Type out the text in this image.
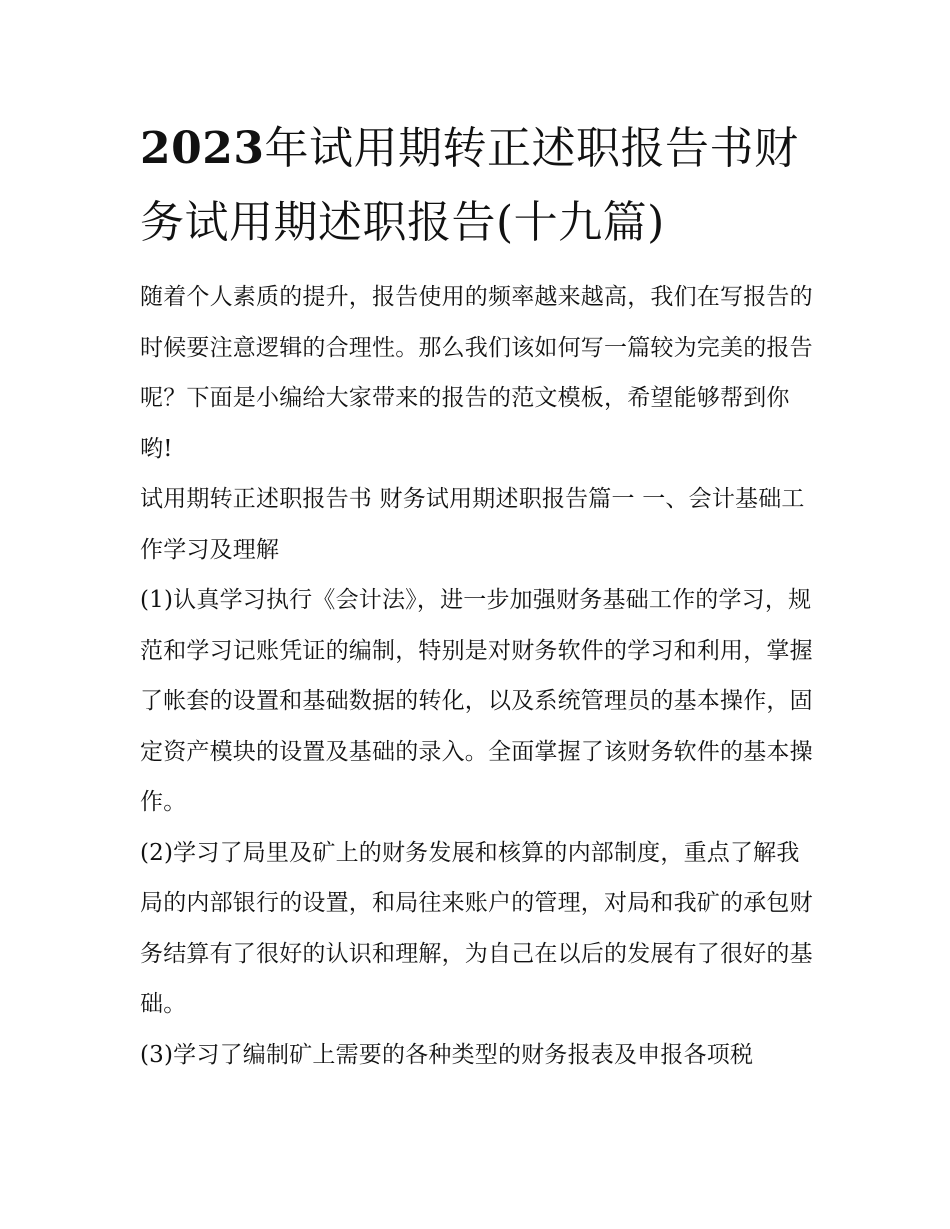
2023年试用期转正述职报告书财务试用期述职报告(十九篇)

随着个人素质的提升，报告使用的频率越来越高，我们在写报告的时候要注意逻辑的合理性。那么我们该如何写一篇较为完美的报告呢？下面是小编给大家带来的报告的范文模板，希望能够帮到你哟!

试用期转正述职报告书 财务试用期述职报告篇一 一、会计基础工作学习及理解

(1)认真学习执行《会计法》，进一步加强财务基础工作的学习，规范和学习记账凭证的编制，特别是对财务软件的学习和利用，掌握了帐套的设置和基础数据的转化，以及系统管理员的基本操作，固定资产模块的设置及基础的录入。全面掌握了该财务软件的基本操作。

(2)学习了局里及矿上的财务发展和核算的内部制度，重点了解我局的内部银行的设置，和局往来账户的管理，对局和我矿的承包财务结算有了很好的认识和理解，为自己在以后的发展有了很好的基础。

(3)学习了编制矿上需要的各种类型的财务报表及申报各项税
